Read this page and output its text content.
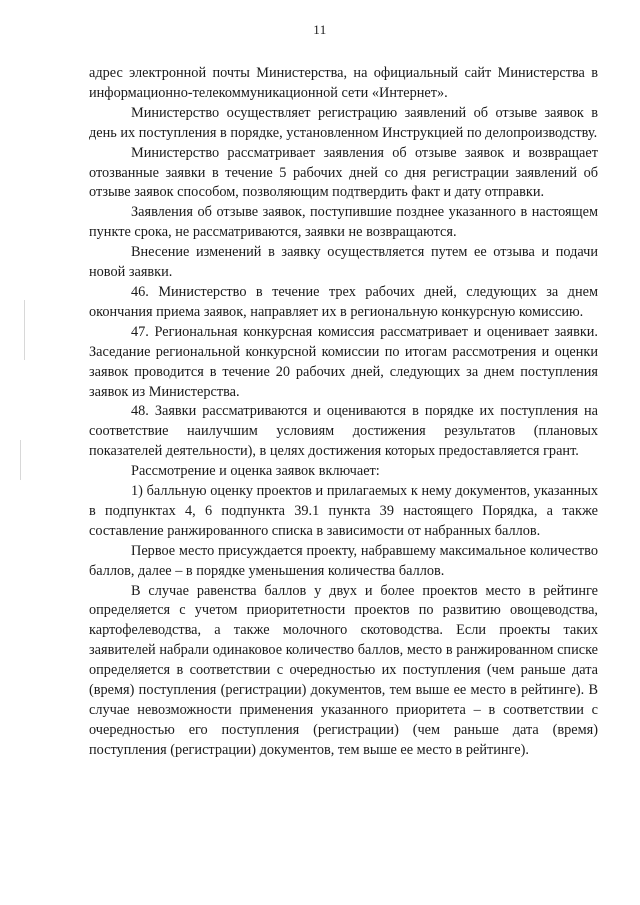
11

адрес электронной почты Министерства, на официальный сайт Министерства в информационно-телекоммуникационной сети «Интернет».

Министерство осуществляет регистрацию заявлений об отзыве заявок в день их поступления в порядке, установленном Инструкцией по делопроизводству.

Министерство рассматривает заявления об отзыве заявок и возвращает отозванные заявки в течение 5 рабочих дней со дня регистрации заявлений об отзыве заявок способом, позволяющим подтвердить факт и дату отправки.

Заявления об отзыве заявок, поступившие позднее указанного в настоящем пункте срока, не рассматриваются, заявки не возвращаются.

Внесение изменений в заявку осуществляется путем ее отзыва и подачи новой заявки.

46. Министерство в течение трех рабочих дней, следующих за днем окончания приема заявок, направляет их в региональную конкурсную комиссию.

47. Региональная конкурсная комиссия рассматривает и оценивает заявки. Заседание региональной конкурсной комиссии по итогам рассмотрения и оценки заявок проводится в течение 20 рабочих дней, следующих за днем поступления заявок из Министерства.

48. Заявки рассматриваются и оцениваются в порядке их поступления на соответствие наилучшим условиям достижения результатов (плановых показателей деятельности), в целях достижения которых предоставляется грант.

Рассмотрение и оценка заявок включает:

1) балльную оценку проектов и прилагаемых к нему документов, указанных в подпунктах 4, 6 подпункта 39.1 пункта 39 настоящего Порядка, а также составление ранжированного списка в зависимости от набранных баллов.

Первое место присуждается проекту, набравшему максимальное количество баллов, далее – в порядке уменьшения количества баллов.

В случае равенства баллов у двух и более проектов место в рейтинге определяется с учетом приоритетности проектов по развитию овощеводства, картофелеводства, а также молочного скотоводства. Если проекты таких заявителей набрали одинаковое количество баллов, место в ранжированном списке определяется в соответствии с очередностью их поступления (чем раньше дата (время) поступления (регистрации) документов, тем выше ее место в рейтинге). В случае невозможности применения указанного приоритета – в соответствии с очередностью его поступления (регистрации) (чем раньше дата (время) поступления (регистрации) документов, тем выше ее место в рейтинге).
